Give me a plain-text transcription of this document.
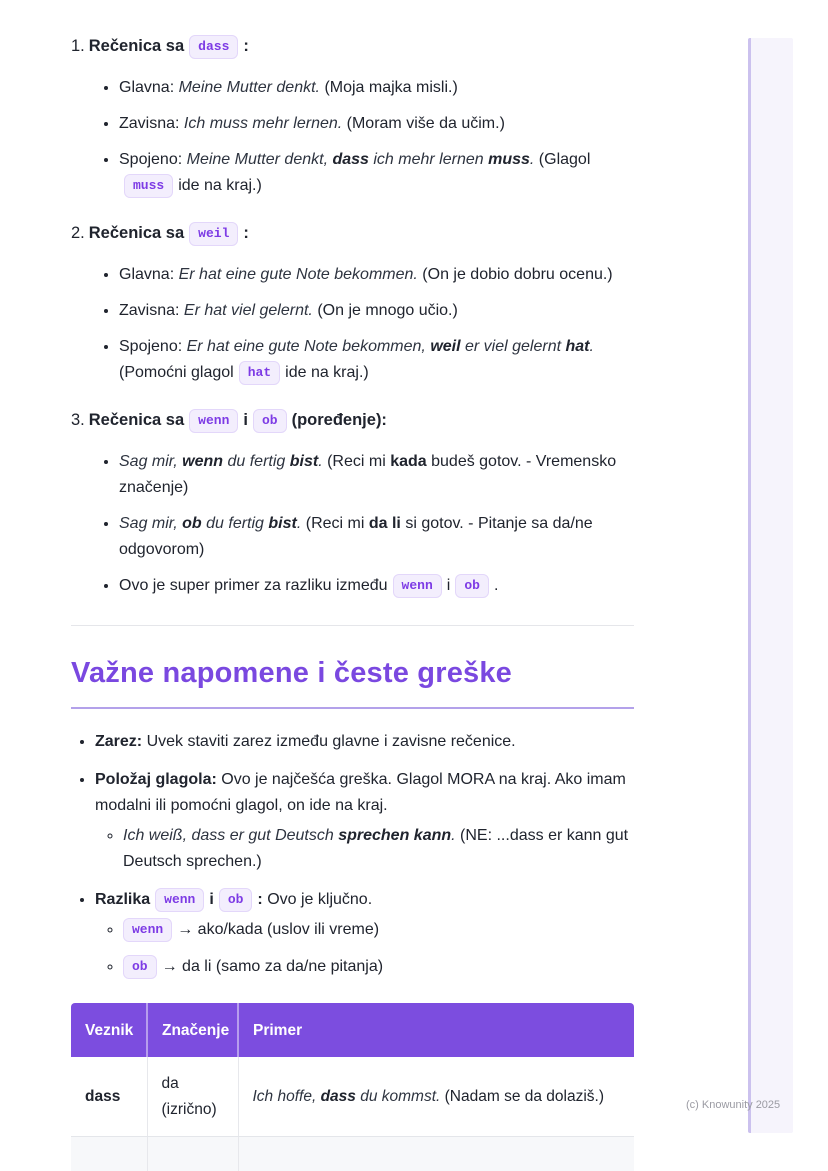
1. Rečenica sa dass :
• Glavna: Meine Mutter denkt. (Moja majka misli.)
• Zavisna: Ich muss mehr lernen. (Moram više da učim.)
• Spojeno: Meine Mutter denkt, dass ich mehr lernen muss. (Glagolmuss ide na kraj.)
2. Rečenica sa weil :
• Glavna: Er hat eine gute Note bekommen. (On je dobio dobru ocenu.)
• Zavisna: Er hat viel gelernt. (On je mnogo učio.)
• Spojeno: Er hat eine gute Note bekommen, weil er viel gelernt hat. (Pomoćni glagol hat ide na kraj.)
3. Rečenica sa wenn i ob (poređenje):
• Sag mir, wenn du fertig bist. (Reci mi kada budeš gotov. - Vremensko značenje)
• Sag mir, ob du fertig bist. (Reci mi da li si gotov. - Pitanje sa da/ne odgovorom)
• Ovo je super primer za razliku između wenn i ob .
Važne napomene i česte greške
• Zarez: Uvek staviti zarez između glavne i zavisne rečenice.
• Položaj glagola: Ovo je najčešća greška. Glagol MORA na kraj. Ako imam modalni ili pomoćni glagol, on ide na kraj.
◦ Ich weiß, dass er gut Deutsch sprechen kann. (NE: ...dass er kann gut Deutsch sprechen.)
• Razlika wenn i ob : Ovo je ključno.
◦ wenn → ako/kada (uslov ili vreme)
◦ ob → da li (samo za da/ne pitanja)
Veznik	Značenje	Primer
dass	da (izrično)	Ich hoffe, dass du kommst. (Nadam se da dolaziš.)
			(c) Knowunity 2025
